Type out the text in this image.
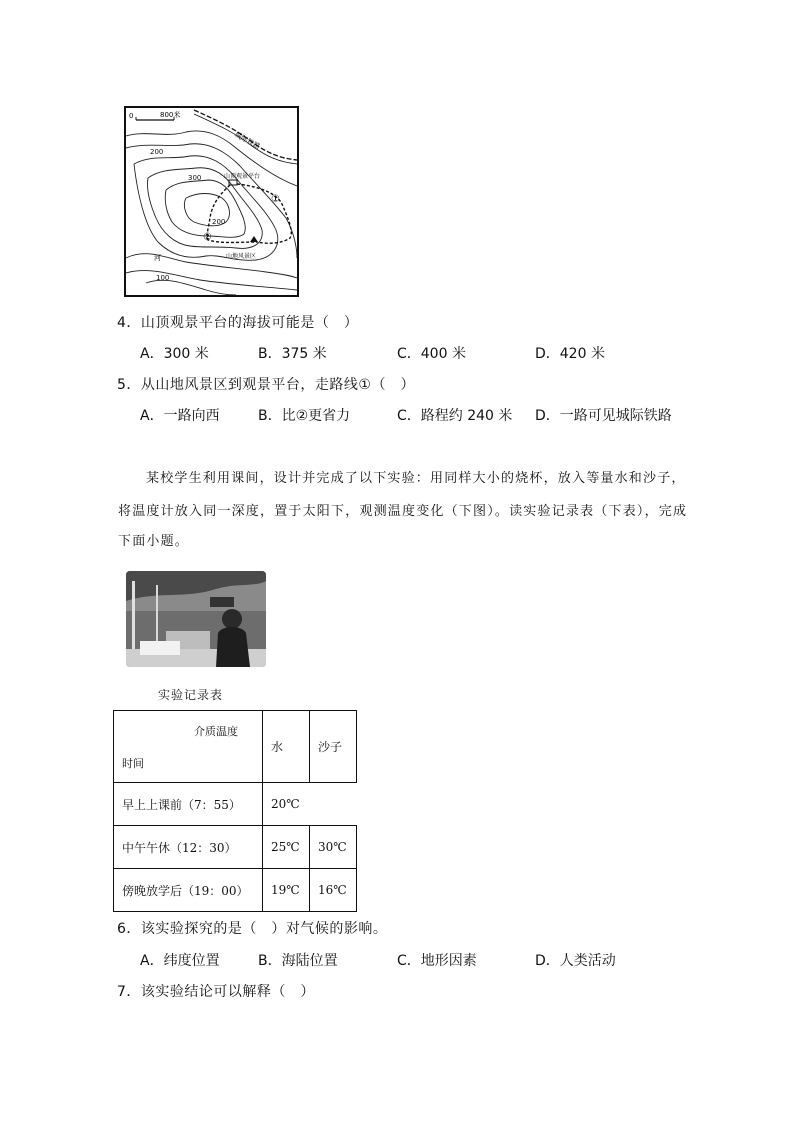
0	800米
城际铁路
200
300
200
100
山顶观景平台
①
②
山地风景区
河
4．山顶观景平台的海拔可能是（　）
A．300 米	B．375 米	C．400 米	D．420 米
5．从山地风景区到观景平台，走路线①（　）
A．一路向西	B．比②更省力	C．路程约 240 米 D．一路可见城际铁路
某校学生利用课间，设计并完成了以下实验：用同样大小的烧杯，放入等量水和沙子，
将温度计放入同一深度，置于太阳下，观测温度变化（下图）。读实验记录表（下表），完成
下面小题。
实验记录表
介质温度
时间	水	沙子
早上上课前（7：55）	20℃	
中午午休（12：30）	25℃	30℃
傍晚放学后（19：00）	19℃	16℃
6．该实验探究的是（　）对气候的影响。
A．纬度位置	B．海陆位置	C．地形因素	D．人类活动
7．该实验结论可以解释（　）
